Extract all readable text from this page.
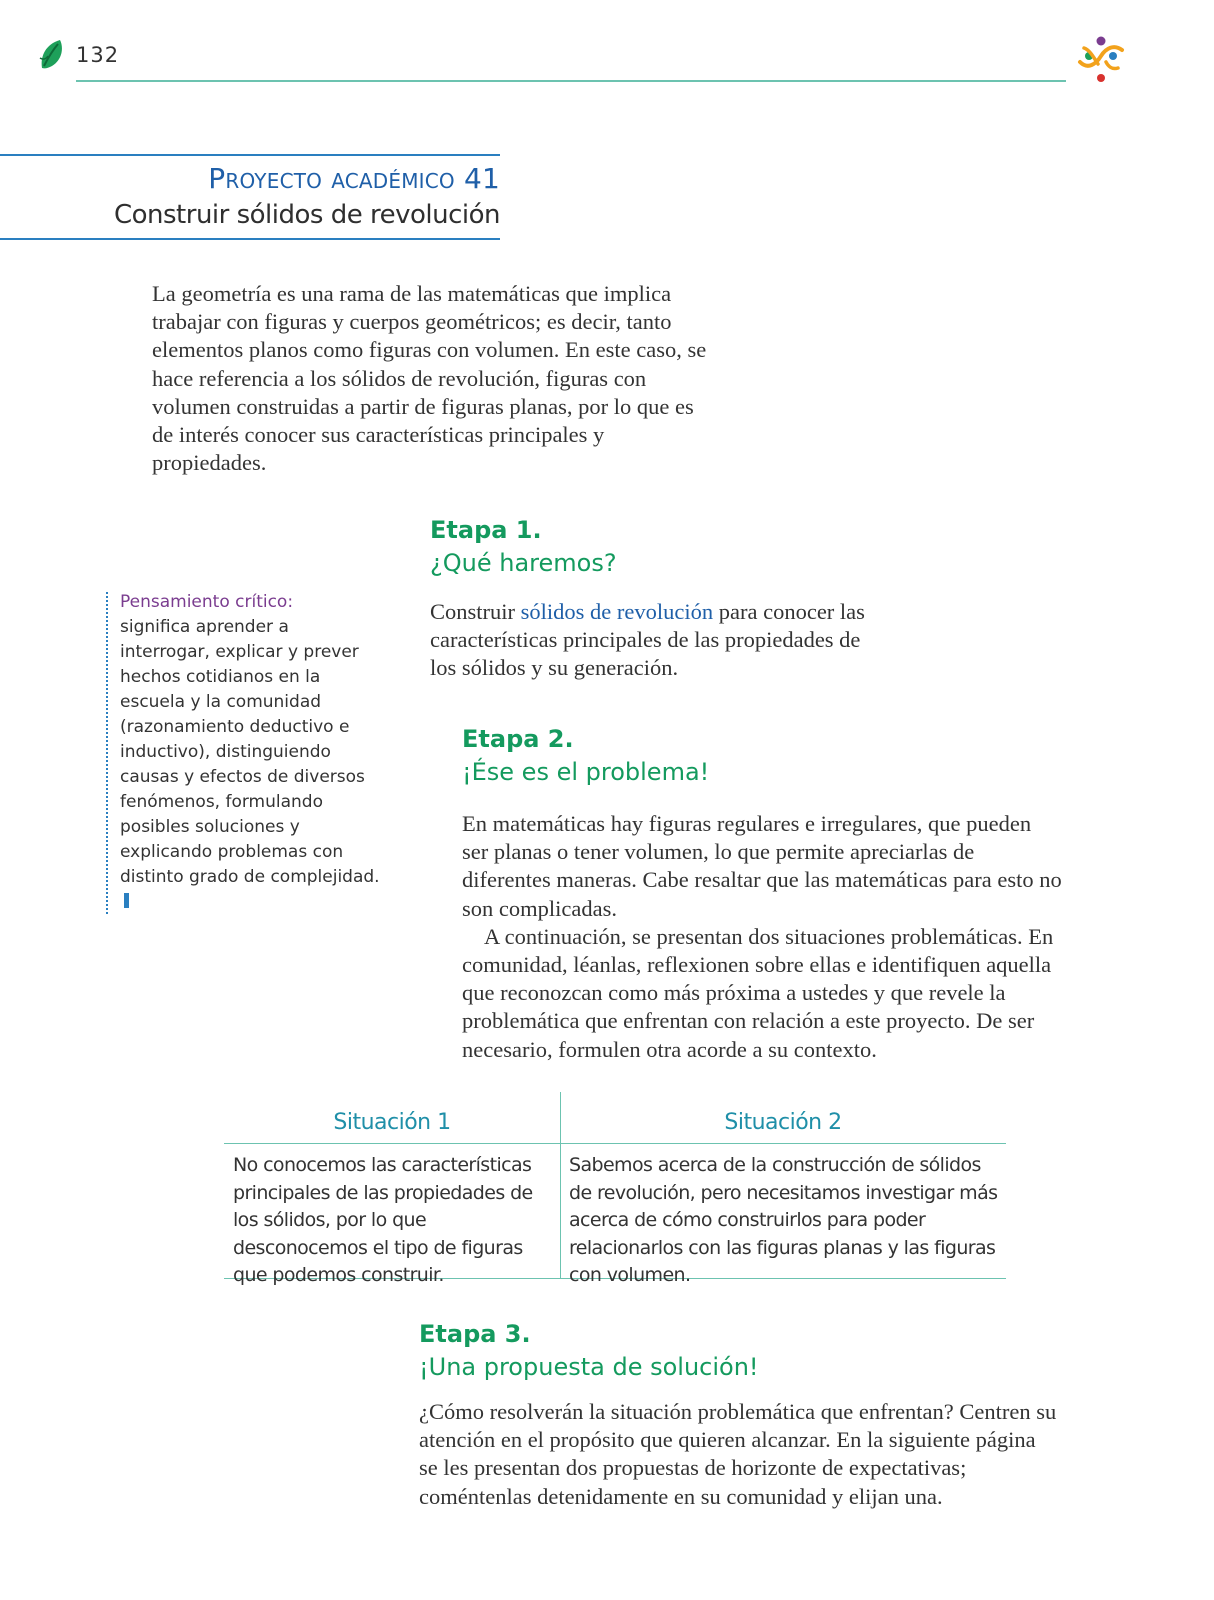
132
Proyecto académico 41
Construir sólidos de revolución
La geometría es una rama de las matemáticas que implica trabajar con figuras y cuerpos geométricos; es decir, tanto elementos planos como figuras con volumen. En este caso, se hace referencia a los sólidos de revolución, figuras con volumen construidas a partir de figuras planas, por lo que es de interés conocer sus características principales y propiedades.
Etapa 1.
¿Qué haremos?
Construir sólidos de revolución para conocer las características principales de las propiedades de los sólidos y su generación.
Pensamiento crítico:
significa aprender a interrogar, explicar y prever hechos cotidianos en la escuela y la comunidad (razonamiento deductivo e inductivo), distinguiendo causas y efectos de diversos fenómenos, formulando posibles soluciones y explicando problemas con distinto grado de complejidad.
Etapa 2.
¡Ése es el problema!

En matemáticas hay figuras regulares e irregulares, que pueden ser planas o tener volumen, lo que permite apreciarlas de diferentes maneras. Cabe resaltar que las matemáticas para esto no son complicadas.

A continuación, se presentan dos situaciones problemáticas. En comunidad, léanlas, reflexionen sobre ellas e identifiquen aquella que reconozcan como más próxima a ustedes y que revele la problemática que enfrentan con relación a este proyecto. De ser necesario, formulen otra acorde a su contexto.

Situación 1	Situación 2
No conocemos las características principales de las propiedades de los sólidos, por lo que desconocemos el tipo de figuras que podemos construir.
Sabemos acerca de la construcción de sólidos de revolución, pero necesitamos investigar más acerca de cómo construirlos para poder relacionarlos con las figuras planas y las figuras con volumen.
Etapa 3.
¡Una propuesta de solución!
¿Cómo resolverán la situación problemática que enfrentan? Centren su atención en el propósito que quieren alcanzar. En la siguiente página se les presentan dos propuestas de horizonte de expectativas; coméntenlas detenidamente en su comunidad y elijan una.
